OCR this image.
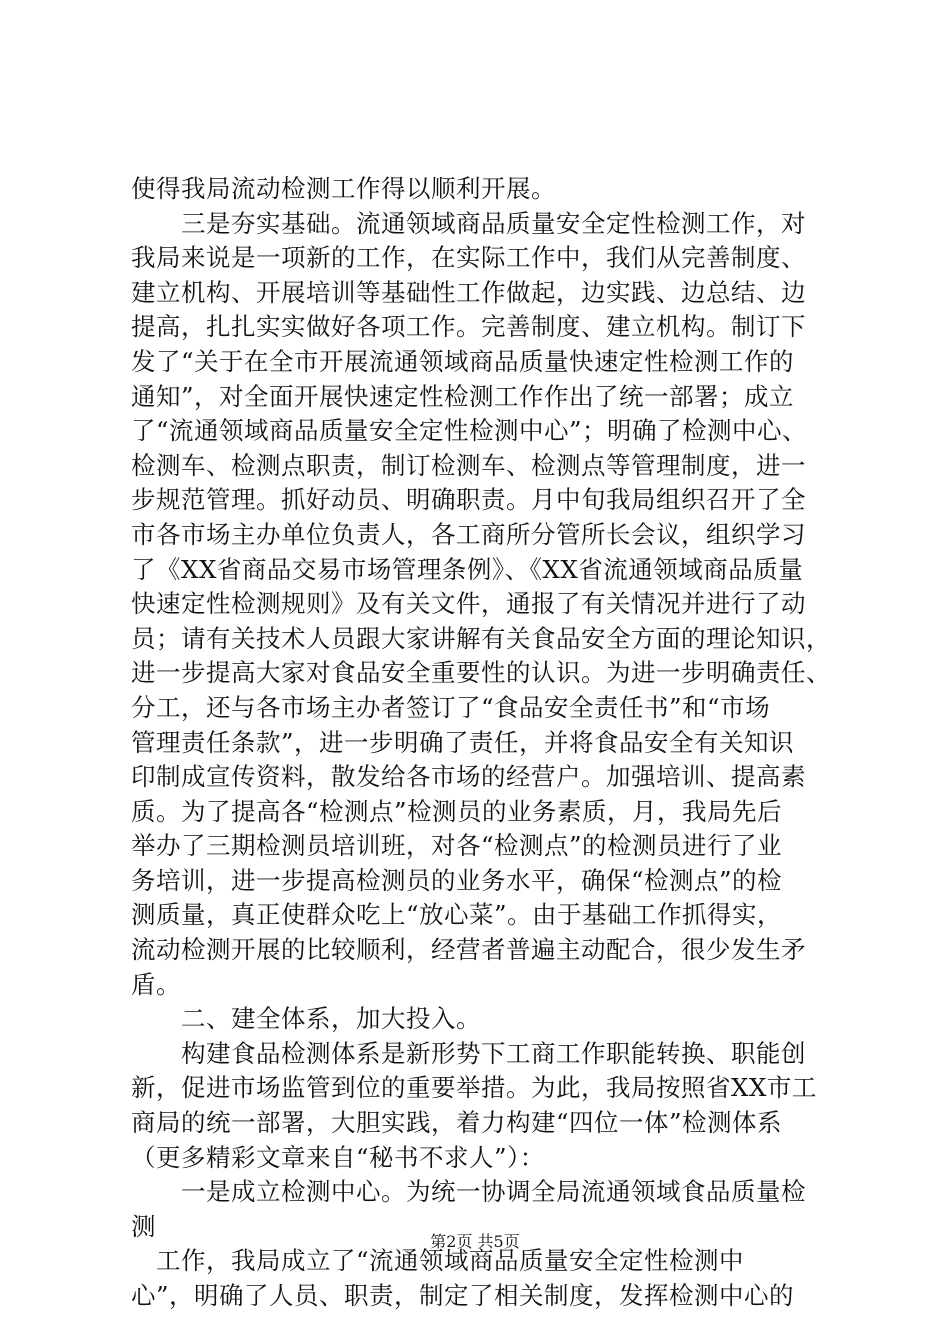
使得我局流动检测工作得以顺利开展。
　　三是夯实基础。流通领域商品质量安全定性检测工作，对
我局来说是一项新的工作，在实际工作中，我们从完善制度、
建立机构、开展培训等基础性工作做起，边实践、边总结、边
提高，扎扎实实做好各项工作。完善制度、建立机构。制订下
发了“关于在全市开展流通领域商品质量快速定性检测工作的
通知”，对全面开展快速定性检测工作作出了统一部署；成立
了“流通领域商品质量安全定性检测中心”；明确了检测中心、
检测车、检测点职责，制订检测车、检测点等管理制度，进一
步规范管理。抓好动员、明确职责。月中旬我局组织召开了全
市各市场主办单位负责人，各工商所分管所长会议，组织学习
了《XX省商品交易市场管理条例》、《XX省流通领域商品质量
快速定性检测规则》及有关文件，通报了有关情况并进行了动
员；请有关技术人员跟大家讲解有关食品安全方面的理论知识，
进一步提高大家对食品安全重要性的认识。为进一步明确责任、
分工，还与各市场主办者签订了“食品安全责任书”和“市场
管理责任条款”，进一步明确了责任，并将食品安全有关知识
印制成宣传资料，散发给各市场的经营户。加强培训、提高素
质。为了提高各“检测点”检测员的业务素质，月，我局先后
举办了三期检测员培训班，对各“检测点”的检测员进行了业
务培训，进一步提高检测员的业务水平，确保“检测点”的检
测质量，真正使群众吃上“放心菜”。由于基础工作抓得实，
流动检测开展的比较顺利，经营者普遍主动配合，很少发生矛
盾。
　　二、建全体系，加大投入。
　　构建食品检测体系是新形势下工商工作职能转换、职能创
新，促进市场监管到位的重要举措。为此，我局按照省XX市工
商局的统一部署，大胆实践，着力构建“四位一体”检测体系
（更多精彩文章来自“秘书不求人”）：
　　一是成立检测中心。为统一协调全局流通领域食品质量检
测
　工作，我局成立了“流通领域商品质量安全定性检测中
心”，明确了人员、职责，制定了相关制度，发挥检测中心的
第2页 共5页
